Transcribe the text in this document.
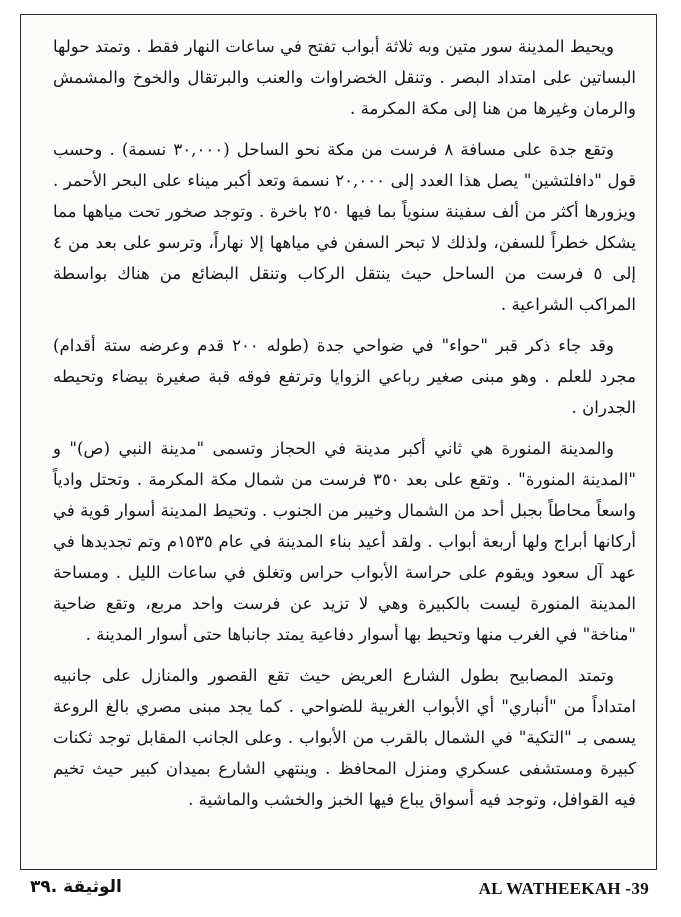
ويحيط المدينة سور متين وبه ثلاثة أبواب تفتح في ساعات النهار فقط . وتمتد حولها البساتين على امتداد البصر . وتنقل الخضراوات والعنب والبرتقال والخوخ والمشمش والرمان وغيرها من هنا إلى مكة المكرمة .

وتقع جدة على مسافة ٨ فرست من مكة نحو الساحل (٣٠,٠٠٠ نسمة) . وحسب قول "دافلتشين" يصل هذا العدد إلى ٢٠,٠٠٠ نسمة وتعد أكبر ميناء على البحر الأحمر . ويزورها أكثر من ألف سفينة سنوياً بما فيها ٢٥٠ باخرة . وتوجد صخور تحت مياهها مما يشكل خطراً للسفن، ولذلك لا تبحر السفن في مياهها إلا نهاراً، وترسو على بعد من ٤ إلى ٥ فرست من الساحل حيث ينتقل الركاب وتنقل البضائع من هناك بواسطة المراكب الشراعية .

وقد جاء ذكر قبر "حواء" في ضواحي جدة (طوله ٢٠٠ قدم وعرضه ستة أقدام) مجرد للعلم . وهو مبنى صغير رباعي الزوايا وترتفع فوقه قبة صغيرة بيضاء وتحيطه الجدران .

والمدينة المنورة هي ثاني أكبر مدينة في الحجاز وتسمى "مدينة النبي (ص)" و "المدينة المنورة" . وتقع على بعد ٣٥٠ فرست من شمال مكة المكرمة . وتحتل وادياً واسعاً محاطاً بجبل أحد من الشمال وخيبر من الجنوب . وتحيط المدينة أسوار قوية في أركانها أبراج ولها أربعة أبواب . ولقد أعيد بناء المدينة في عام ١٥٣٥م وتم تجديدها في عهد آل سعود ويقوم على حراسة الأبواب حراس وتغلق في ساعات الليل . ومساحة المدينة المنورة ليست بالكبيرة وهي لا تزيد عن فرست واحد مربع، وتقع ضاحية "مناخة" في الغرب منها وتحيط بها أسوار دفاعية يمتد جانباها حتى أسوار المدينة .

وتمتد المصابيح بطول الشارع العريض حيث تقع القصور والمنازل على جانبيه امتداداً من "أنباري" أي الأبواب الغربية للضواحي . كما يجد مبنى مصري بالغ الروعة يسمى بـ "التكية" في الشمال بالقرب من الأبواب . وعلى الجانب المقابل توجد ثكنات كبيرة ومستشفى عسكري ومنزل المحافظ . وينتهي الشارع بميدان كبير حيث تخيم فيه القوافل، وتوجد فيه أسواق يباع فيها الخبز والخشب والماشية .

الوثيقة .٣٩	AL WATHEEKAH -39
